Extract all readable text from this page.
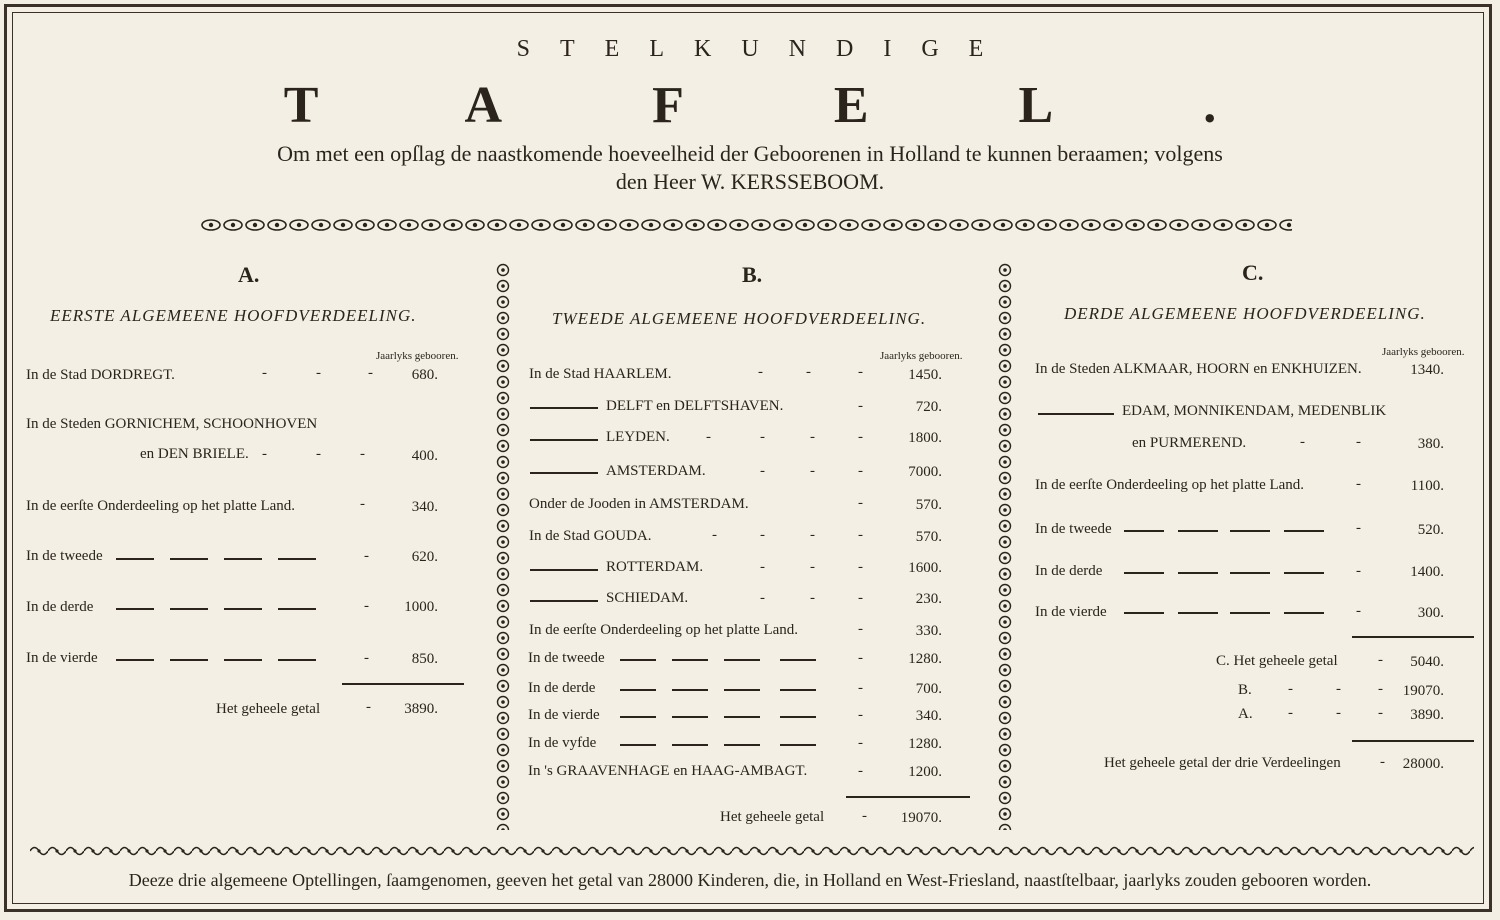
STELKUNDIGE
TAFEL.
Om met een opſlag de naastkomende hoeveelheid der Geboorenen in Holland te kunnen beraamen; volgens
den Heer W. KERSSEBOOM.
A.
EERSTE ALGEMEENE HOOFDVERDEELING.
Jaarlyks gebooren.
In de Stad DORDREGT.	-	-	-	680.
In de Steden GORNICHEM, SCHOONHOVEN
en DEN BRIELE. -	-	-	400.
In de eerſte Onderdeeling op het platte Land.	-	340.
In de tweede	-	620.
In de derde	-	1000.
In de vierde	-	850.
Het geheele getal	-	3890.
B.
TWEEDE ALGEMEENE HOOFDVERDEELING.
Jaarlyks gebooren.
In de Stad HAARLEM.	-	-	-	1450.
DELFT en DELFTSHAVEN.	-	720.
LEYDEN. -	-	-	-	1800.
AMSTERDAM.	-	-	-	7000.
Onder de Jooden in AMSTERDAM.	-	570.
In de Stad GOUDA.	-	-	-	-	570.
ROTTERDAM.	-	-	-	1600.
SCHIEDAM.	-	-	-	230.
In de eerſte Onderdeeling op het platte Land.	-	330.
In de tweede	-	1280.
In de derde	-	700.
In de vierde	-	340.
In de vyfde	-	1280.
In 's GRAAVENHAGE en HAAG-AMBAGT.	-	1200.
Het geheele getal	-	19070.
C.
DERDE ALGEMEENE HOOFDVERDEELING.
Jaarlyks gebooren.
In de Steden ALKMAAR, HOORN en ENKHUIZEN.	1340.
EDAM, MONNIKENDAM, MEDENBLIK
en PURMEREND.	-	-	380.
In de eerſte Onderdeeling op het platte Land.	-	1100.
In de tweede	-	520.
In de derde	-	1400.
In de vierde	-	300.
C. Het geheele getal	-	5040.
B. -	- -	19070.
A. -	- -	3890.
Het geheele getal der drie Verdeelingen	-	28000.
Deeze drie algemeene Optellingen, ſaamgenomen, geeven het getal van 28000 Kinderen, die, in Holland en West-Friesland, naastſtelbaar, jaarlyks zouden gebooren worden.
